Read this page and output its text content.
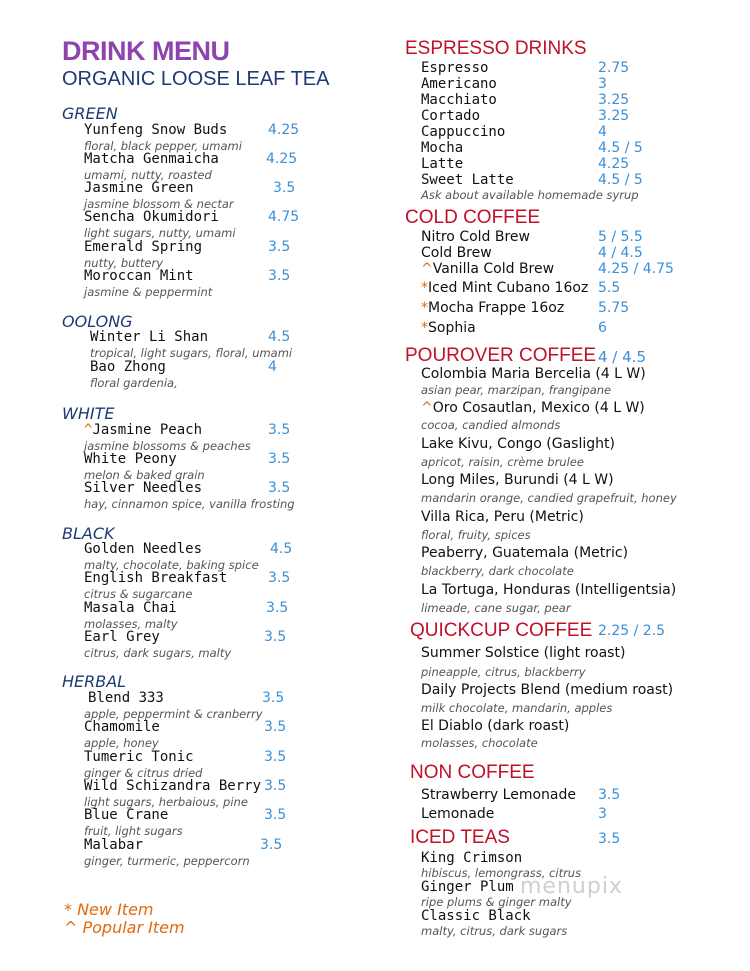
DRINK MENU
ORGANIC LOOSE LEAF TEA
GREEN
Yunfeng Snow Buds	4.25
floral, black pepper, umami
Matcha Genmaicha	4.25
umami, nutty, roasted
Jasmine Green	3.5
jasmine blossom & nectar
Sencha Okumidori	4.75
light sugars, nutty, umami
Emerald Spring	3.5
nutty, buttery
Moroccan Mint	3.5
jasmine & peppermint
OOLONG
Winter Li Shan	4.5
tropical, light sugars, floral, umami
Bao Zhong	4
floral gardenia,
WHITE
^Jasmine Peach	3.5
jasmine blossoms & peaches
White Peony	3.5
melon & baked grain
Silver Needles	3.5
hay, cinnamon spice, vanilla frosting
BLACK
Golden Needles	4.5
malty, chocolate, baking spice
English Breakfast	3.5
citrus & sugarcane
Masala Chai	3.5
molasses, malty
Earl Grey	3.5
citrus, dark sugars, malty
HERBAL
Blend 333	3.5
apple, peppermint & cranberry
Chamomile	3.5
apple, honey
Tumeric Tonic	3.5
ginger & citrus dried
Wild Schizandra Berry 3.5
light sugars, herbaious, pine
Blue Crane	3.5
fruit, light sugars
Malabar	3.5
ginger, turmeric, peppercorn
* New Item
^ Popular Item
ESPRESSO DRINKS
Espresso	2.75
Americano	3
Macchiato	3.25
Cortado	3.25
Cappuccino	4
Mocha	4.5 / 5
Latte	4.25
Sweet Latte	4.5 / 5
Ask about available homemade syrup
COLD COFFEE
Nitro Cold Brew	5 / 5.5
Cold Brew	4 / 4.5
^Vanilla Cold Brew	4.25 / 4.75
*Iced Mint Cubano 16oz 5.5
*Mocha Frappe 16oz 5.75
*Sophia	6
POUROVER COFFEE 4 / 4.5
Colombia Maria Bercelia (4 L W)
asian pear, marzipan, frangipane
^Oro Cosautlan, Mexico (4 L W)
cocoa, candied almonds
Lake Kivu, Congo (Gaslight)
apricot, raisin, crème brulee
Long Miles, Burundi (4 L W)
mandarin orange, candied grapefruit, honey
Villa Rica, Peru (Metric)
floral, fruity, spices
Peaberry, Guatemala (Metric)
blackberry, dark chocolate
La Tortuga, Honduras (Intelligentsia)
limeade, cane sugar, pear
QUICKCUP COFFEE 2.25 / 2.5
Summer Solstice (light roast)
pineapple, citrus, blackberry
Daily Projects Blend (medium roast)
milk chocolate, mandarin, apples
El Diablo (dark roast)
molasses, chocolate
NON COFFEE
Strawberry Lemonade 3.5
Lemonade	3
ICED TEAS	3.5
King Crimson
hibiscus, lemongrass, citrus
Ginger Plum
ripe plums & ginger malty
Classic Black
malty, citrus, dark sugars
menupix
